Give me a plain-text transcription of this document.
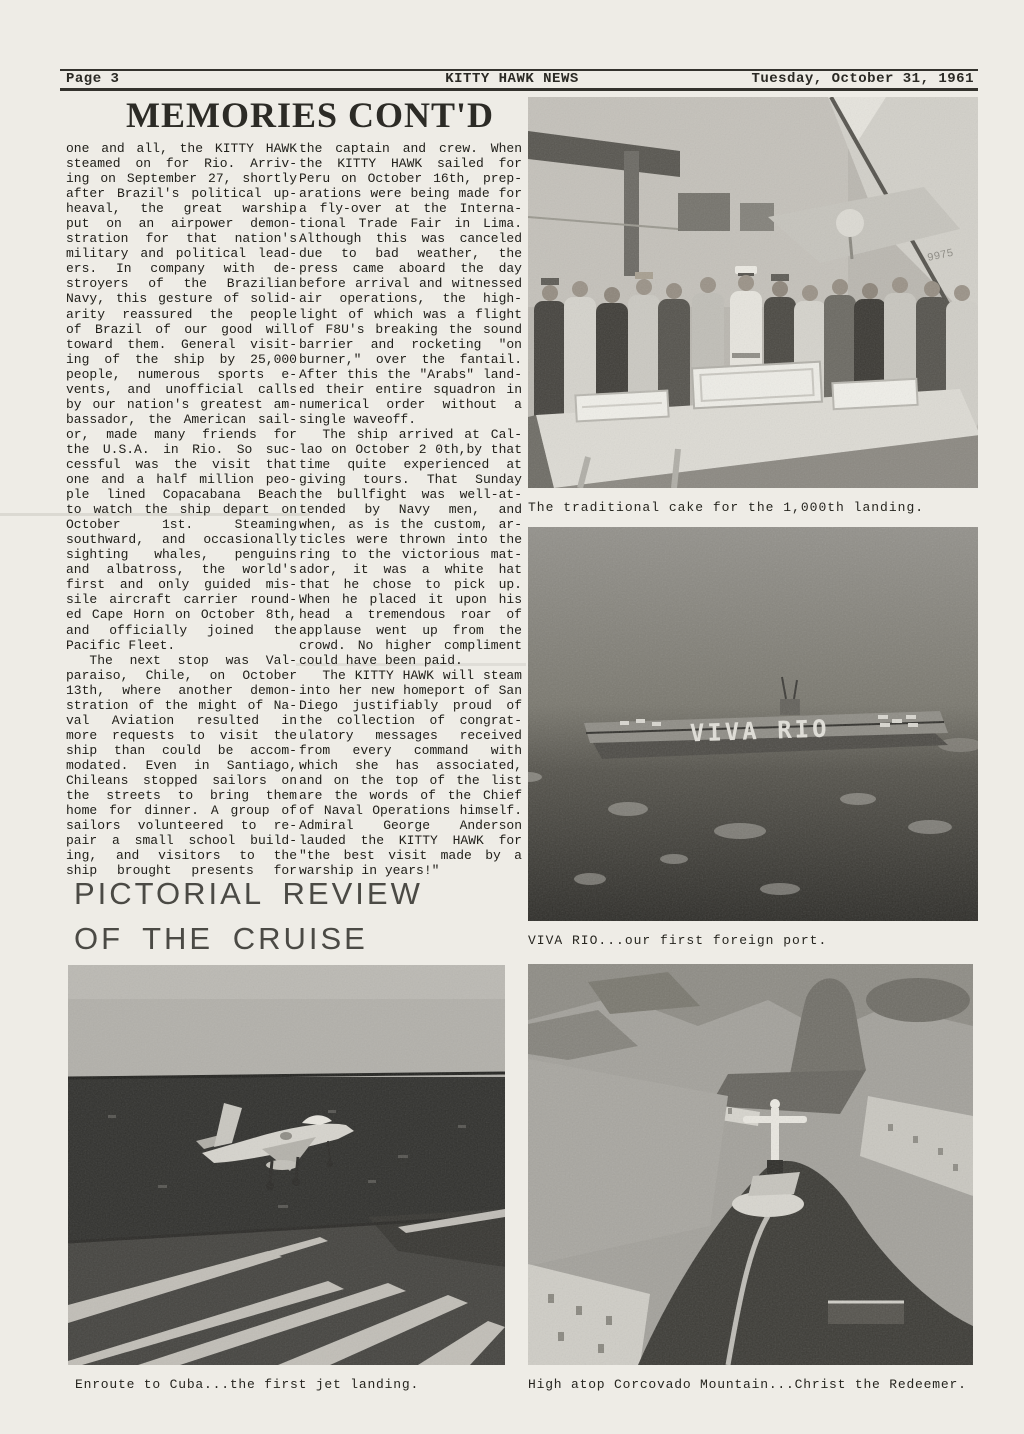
Page 3	KITTY HAWK NEWS	Tuesday, October 31, 1961
MEMORIES CONT'D
one and all, the KITTY HAWK
steamed on for Rio. Arriv-
ing on September 27, shortly
after Brazil's political up-
heaval, the great warship
put on an airpower demon-
stration for that nation's
military and political lead-
ers. In company with de-
stroyers of the Brazilian
Navy, this gesture of solid-
arity reassured the people
of Brazil of our good will
toward them. General visit-
ing of the ship by 25,000
people, numerous sports e-
vents, and unofficial calls
by our nation's greatest am-
bassador, the American sail-
or, made many friends for
the U.S.A. in Rio. So suc-
cessful was the visit that
one and a half million peo-
ple lined Copacabana Beach
to watch the ship depart on
October 1st. Steaming
southward, and occasionally
sighting whales, penguins
and albatross, the world's
first and only guided mis-
sile aircraft carrier round-
ed Cape Horn on October 8th,
and officially joined the
Pacific Fleet.
The next stop was Val-
paraiso, Chile, on October
13th, where another demon-
stration of the might of Na-
val Aviation resulted in
more requests to visit the
ship than could be accom-
modated. Even in Santiago,
Chileans stopped sailors on
the streets to bring them
home for dinner. A group of
sailors volunteered to re-
pair a small school build-
ing, and visitors to the
ship brought presents for
the captain and crew. When
the KITTY HAWK sailed for
Peru on October 16th, prep-
arations were being made for
a fly-over at the Interna-
tional Trade Fair in Lima.
Although this was canceled
due to bad weather, the
press came aboard the day
before arrival and witnessed
air operations, the high-
light of which was a flight
of F8U's breaking the sound
barrier and rocketing "on
burner," over the fantail.
After this the "Arabs" land-
ed their entire squadron in
numerical order without a
single waveoff.
The ship arrived at Cal-
lao on October 2 0th,by that
time quite experienced at
giving tours. That Sunday
the bullfight was well-at-
tended by Navy men, and
when, as is the custom, ar-
ticles were thrown into the
ring to the victorious mat-
ador, it was a white hat
that he chose to pick up.
When he placed it upon his
head a tremendous roar of
applause went up from the
crowd. No higher compliment
could have been paid.
The KITTY HAWK will steam
into her new homeport of San
Diego justifiably proud of
the collection of congrat-
ulatory messages received
from every command with
which she has associated,
and on the top of the list
are the words of the Chief
of Naval Operations himself.
Admiral George Anderson
lauded the KITTY HAWK for
"the best visit made by a
warship in years!"
9975
The traditional cake for the 1,000th landing.
VIVA RIO
VIVA RIO...our first foreign port.
PICTORIAL REVIEW
OF THE CRUISE
Enroute to Cuba...the first jet landing.	High atop Corcovado Mountain...Christ the Redeemer.
